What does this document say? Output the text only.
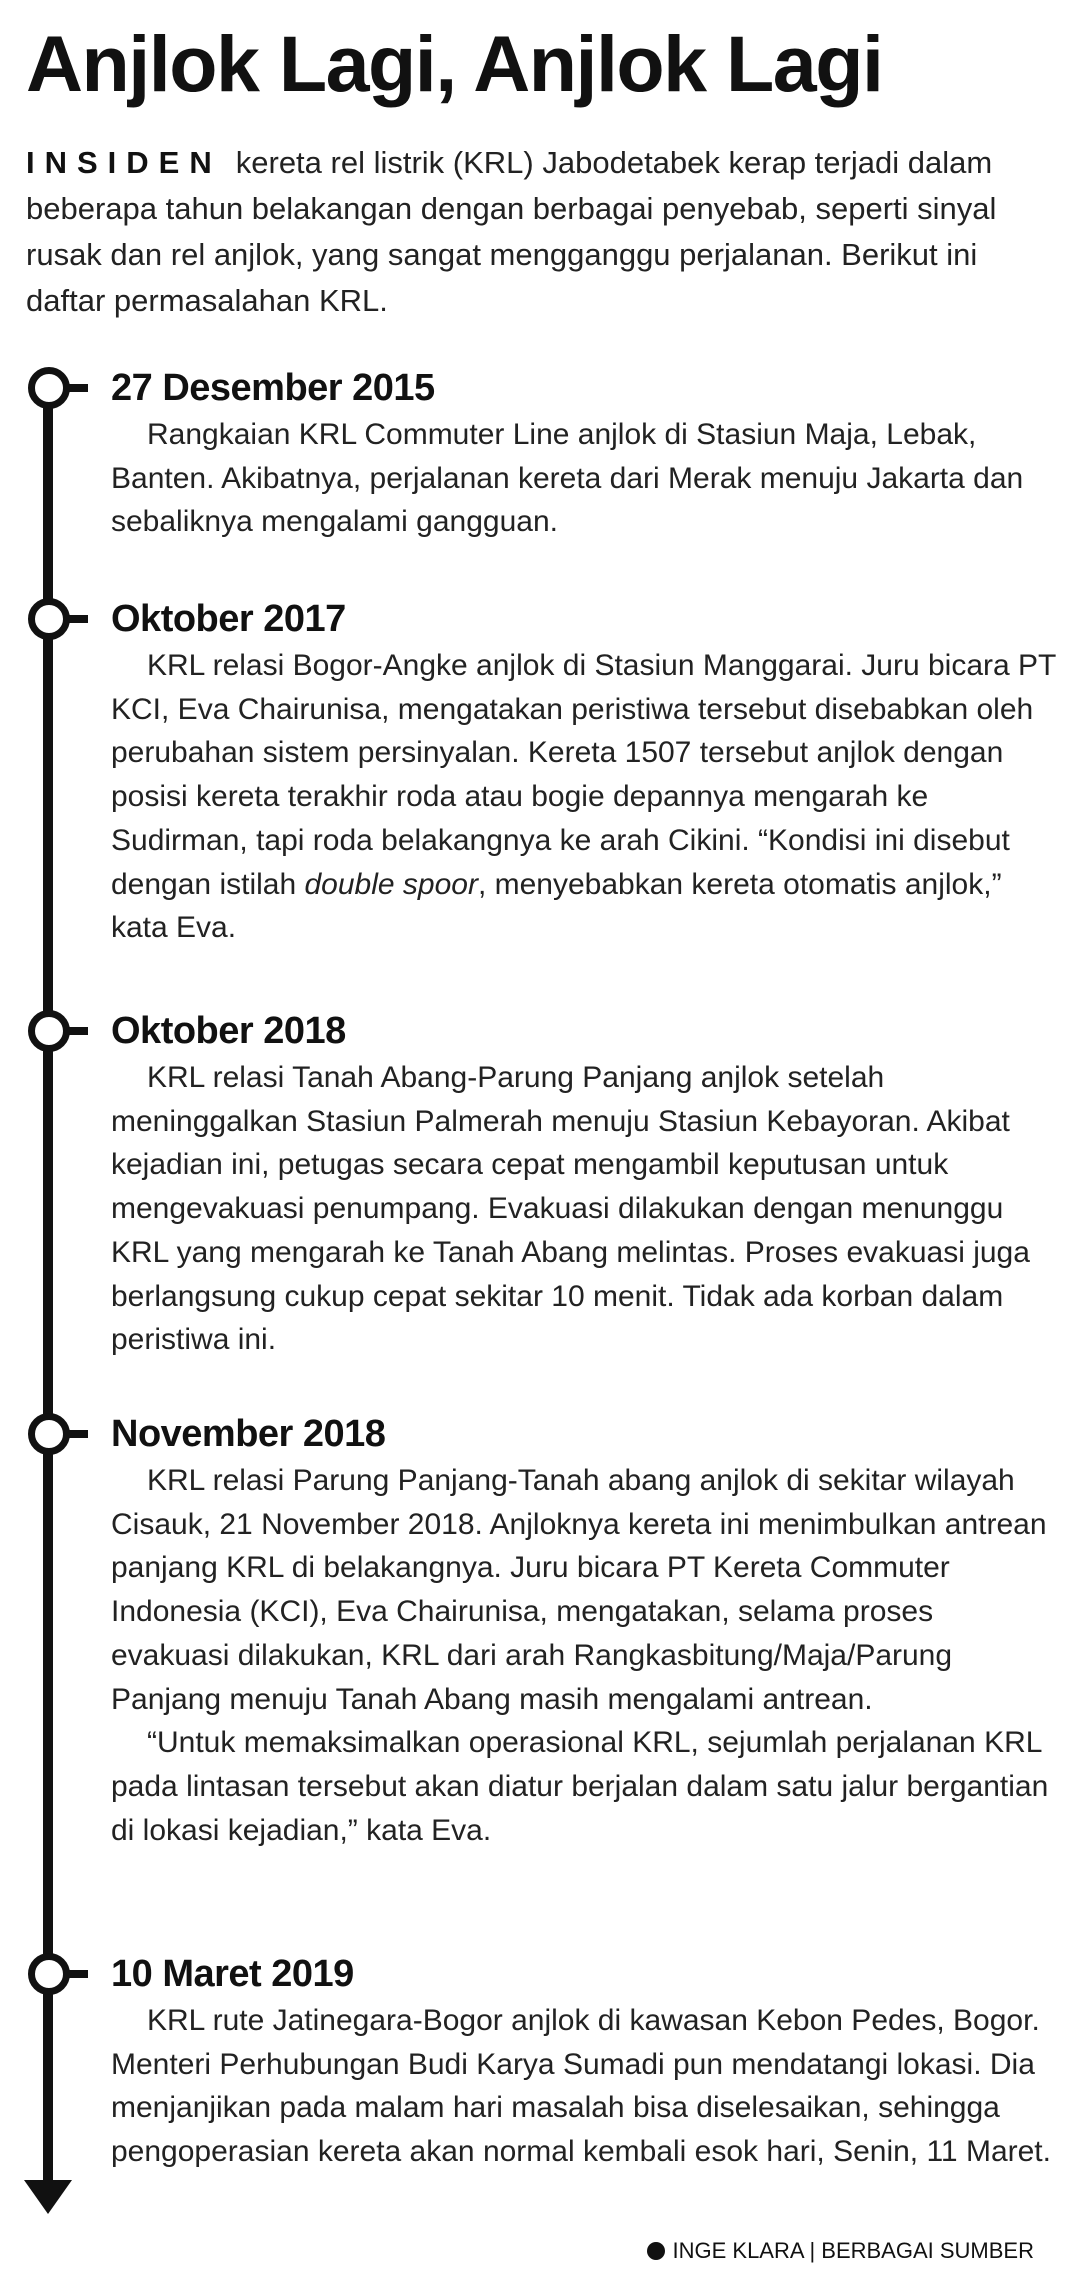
Anjlok Lagi, Anjlok Lagi

INSIDEN kereta rel listrik (KRL) Jabodetabek kerap terjadi dalam beberapa tahun belakangan dengan berbagai penyebab, seperti sinyal rusak dan rel anjlok, yang sangat mengganggu perjalanan. Berikut ini daftar permasalahan KRL.

27 Desember 2015

Rangkaian KRL Commuter Line anjlok di Stasiun Maja, Lebak, Banten. Akibatnya, perjalanan kereta dari Merak menuju Jakarta dan sebaliknya mengalami gangguan.

Oktober 2017

KRL relasi Bogor-Angke anjlok di Stasiun Manggarai. Juru bicara PT KCI, Eva Chairunisa, mengatakan peristiwa tersebut disebabkan oleh perubahan sistem persinyalan. Kereta 1507 tersebut anjlok dengan posisi kereta terakhir roda atau bogie depannya mengarah ke Sudirman, tapi roda belakangnya ke arah Cikini. “Kondisi ini disebut dengan istilah double spoor, menyebabkan kereta otomatis anjlok,” kata Eva.

Oktober 2018

KRL relasi Tanah Abang-Parung Panjang anjlok setelah meninggalkan Stasiun Palmerah menuju Stasiun Kebayoran. Akibat kejadian ini, petugas secara cepat mengambil keputusan untuk mengevakuasi penumpang. Evakuasi dilakukan dengan menunggu KRL yang mengarah ke Tanah Abang melintas. Proses evakuasi juga berlangsung cukup cepat sekitar 10 menit. Tidak ada korban dalam peristiwa ini.

November 2018

KRL relasi Parung Panjang-Tanah abang anjlok di sekitar wilayah Cisauk, 21 November 2018. Anjloknya kereta ini menimbulkan antrean panjang KRL di belakangnya. Juru bicara PT Kereta Commuter Indonesia (KCI), Eva Chairunisa, mengatakan, selama proses evakuasi dilakukan, KRL dari arah Rangkasbitung/Maja/Parung Panjang menuju Tanah Abang masih mengalami antrean.

“Untuk memaksimalkan operasional KRL, sejumlah perjalanan KRL pada lintasan tersebut akan diatur berjalan dalam satu jalur bergantian di lokasi kejadian,” kata Eva.

10 Maret 2019

KRL rute Jatinegara-Bogor anjlok di kawasan Kebon Pedes, Bogor. Menteri Perhubungan Budi Karya Sumadi pun mendatangi lokasi. Dia menjanjikan pada malam hari masalah bisa diselesaikan, sehingga pengoperasian kereta akan normal kembali esok hari, Senin, 11 Maret.

INGE KLARA | BERBAGAI SUMBER
